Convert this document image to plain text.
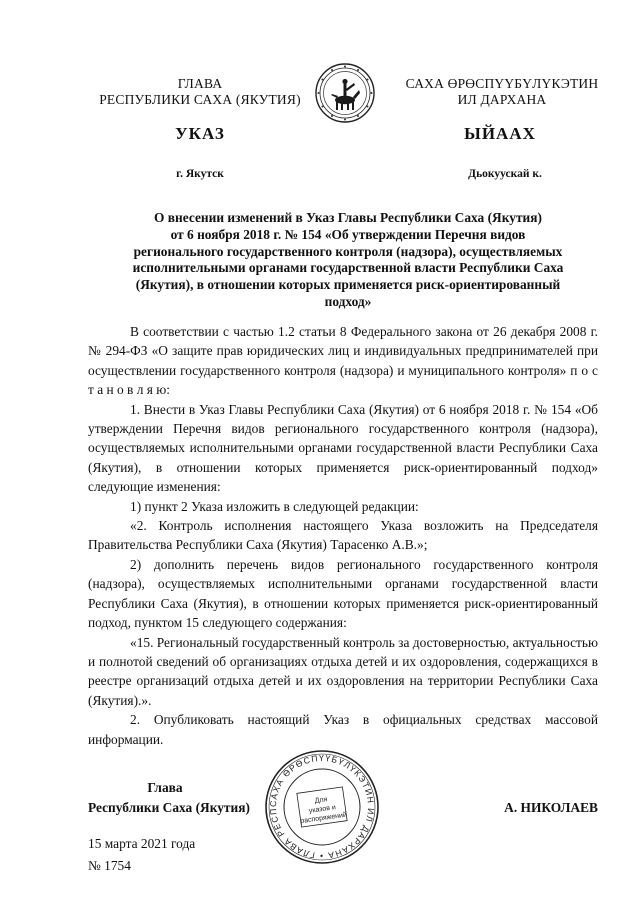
ГЛАВА
РЕСПУБЛИКИ САХА (ЯКУТИЯ)
САХА ӨРӨСПҮҮБҮЛҮКЭТИН
ИЛ ДАРХАНА
УКАЗ	ЫЙААХ
г. Якутск	Дьокуускай к.
О внесении изменений в Указ Главы Республики Саха (Якутия)
от 6 ноября 2018 г. № 154 «Об утверждении Перечня видов
регионального государственного контроля (надзора), осуществляемых
исполнительными органами государственной власти Республики Саха
(Якутия), в отношении которых применяется риск-ориентированный
подход»

В соответствии с частью 1.2 статьи 8 Федерального закона от 26 декабря 2008 г. № 294-ФЗ «О защите прав юридических лиц и индивидуальных предпринимателей при осуществлении государственного контроля (надзора) и муниципального контроля» п о с т а н о в л я ю:

1. Внести в Указ Главы Республики Саха (Якутия) от 6 ноября 2018 г. № 154 «Об утверждении Перечня видов регионального государственного контроля (надзора), осуществляемых исполнительными органами государственной власти Республики Саха (Якутия), в отношении которых применяется риск-ориентированный подход» следующие изменения:

1) пункт 2 Указа изложить в следующей редакции:

«2. Контроль исполнения настоящего Указа возложить на Председателя Правительства Республики Саха (Якутия) Тарасенко А.В.»;

2) дополнить перечень видов регионального государственного контроля (надзора), осуществляемых исполнительными органами государственной власти Республики Саха (Якутия), в отношении которых применяется риск-ориентированный подход, пунктом 15 следующего содержания:

«15. Региональный государственный контроль за достоверностью, актуальностью и полнотой сведений об организациях отдыха детей и их оздоровления, содержащихся в реестре организаций отдыха детей и их оздоровления на территории Республики Саха (Якутия).».

2. Опубликовать настоящий Указ в официальных средствах массовой информации.

Глава
Республики Саха (Якутия)	А. НИКОЛАЕВ
САХА ӨРӨСПҮҮБҮЛҮКЭТИН ИЛ ДАРХАНА • ГЛАВА РЕСП
Для
указов и
распоряжений
15 марта 2021 года
№ 1754
